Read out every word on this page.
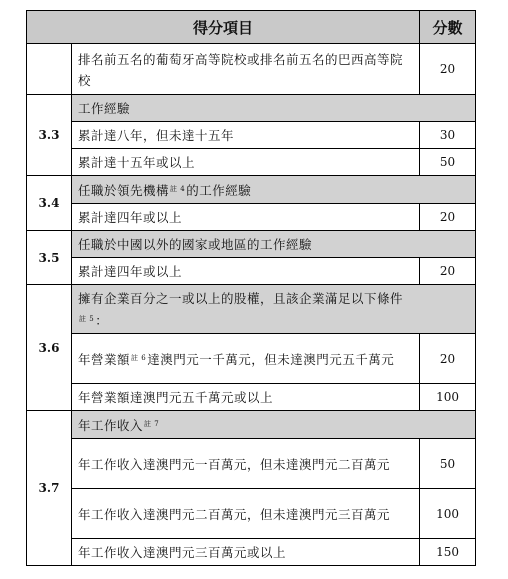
得分項目		分數
	排名前五名的葡萄牙高等院校或排名前五名的巴西高等院校	20
3.3	工作經驗	
	累計達八年，但未達十五年	30
	累計達十五年或以上	50
3.4	任職於領先機構$^{註 4}$的工作經驗	
	累計達四年或以上	20
3.5	任職於中國以外的國家或地區的工作經驗	
	累計達四年或以上	20
3.6	擁有企業百分之一或以上的股權，且該企業滿足以下條件
$^{註 5}$：	
	年營業額$^{註 6}$達澳門元一千萬元，但未達澳門元五千萬元	20
	年營業額達澳門元五千萬元或以上	100
3.7	年工作收入$^{註 7}$
	年工作收入達澳門元一百萬元，但未達澳門元二百萬元	50
	年工作收入達澳門元二百萬元，但未達澳門元三百萬元	100
	年工作收入達澳門元三百萬元或以上	150
